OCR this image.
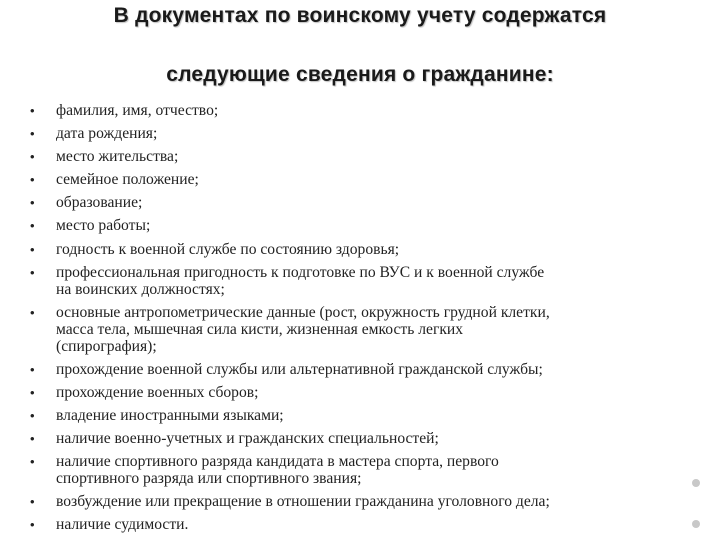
В документах по воинскому учету содержатся
следующие сведения о гражданине:
• фамилия, имя, отчество;
• дата рождения;
• место жительства;
• семейное положение;
• образование;
• место работы;
• годность к военной службе по состоянию здоровья;
• профессиональная пригодность к подготовке по ВУС и к военной службе
на воинских должностях;
• основные антропометрические данные (рост, окружность грудной клетки,
масса тела, мышечная сила кисти, жизненная емкость легких
(спирография);
• прохождение военной службы или альтернативной гражданской службы;
• прохождение военных сборов;
• владение иностранными языками;
• наличие военно-учетных и гражданских специальностей;
• наличие спортивного разряда кандидата в мастера спорта, первого
спортивного разряда или спортивного звания;
• возбуждение или прекращение в отношении гражданина уголовного дела;
• наличие судимости.
